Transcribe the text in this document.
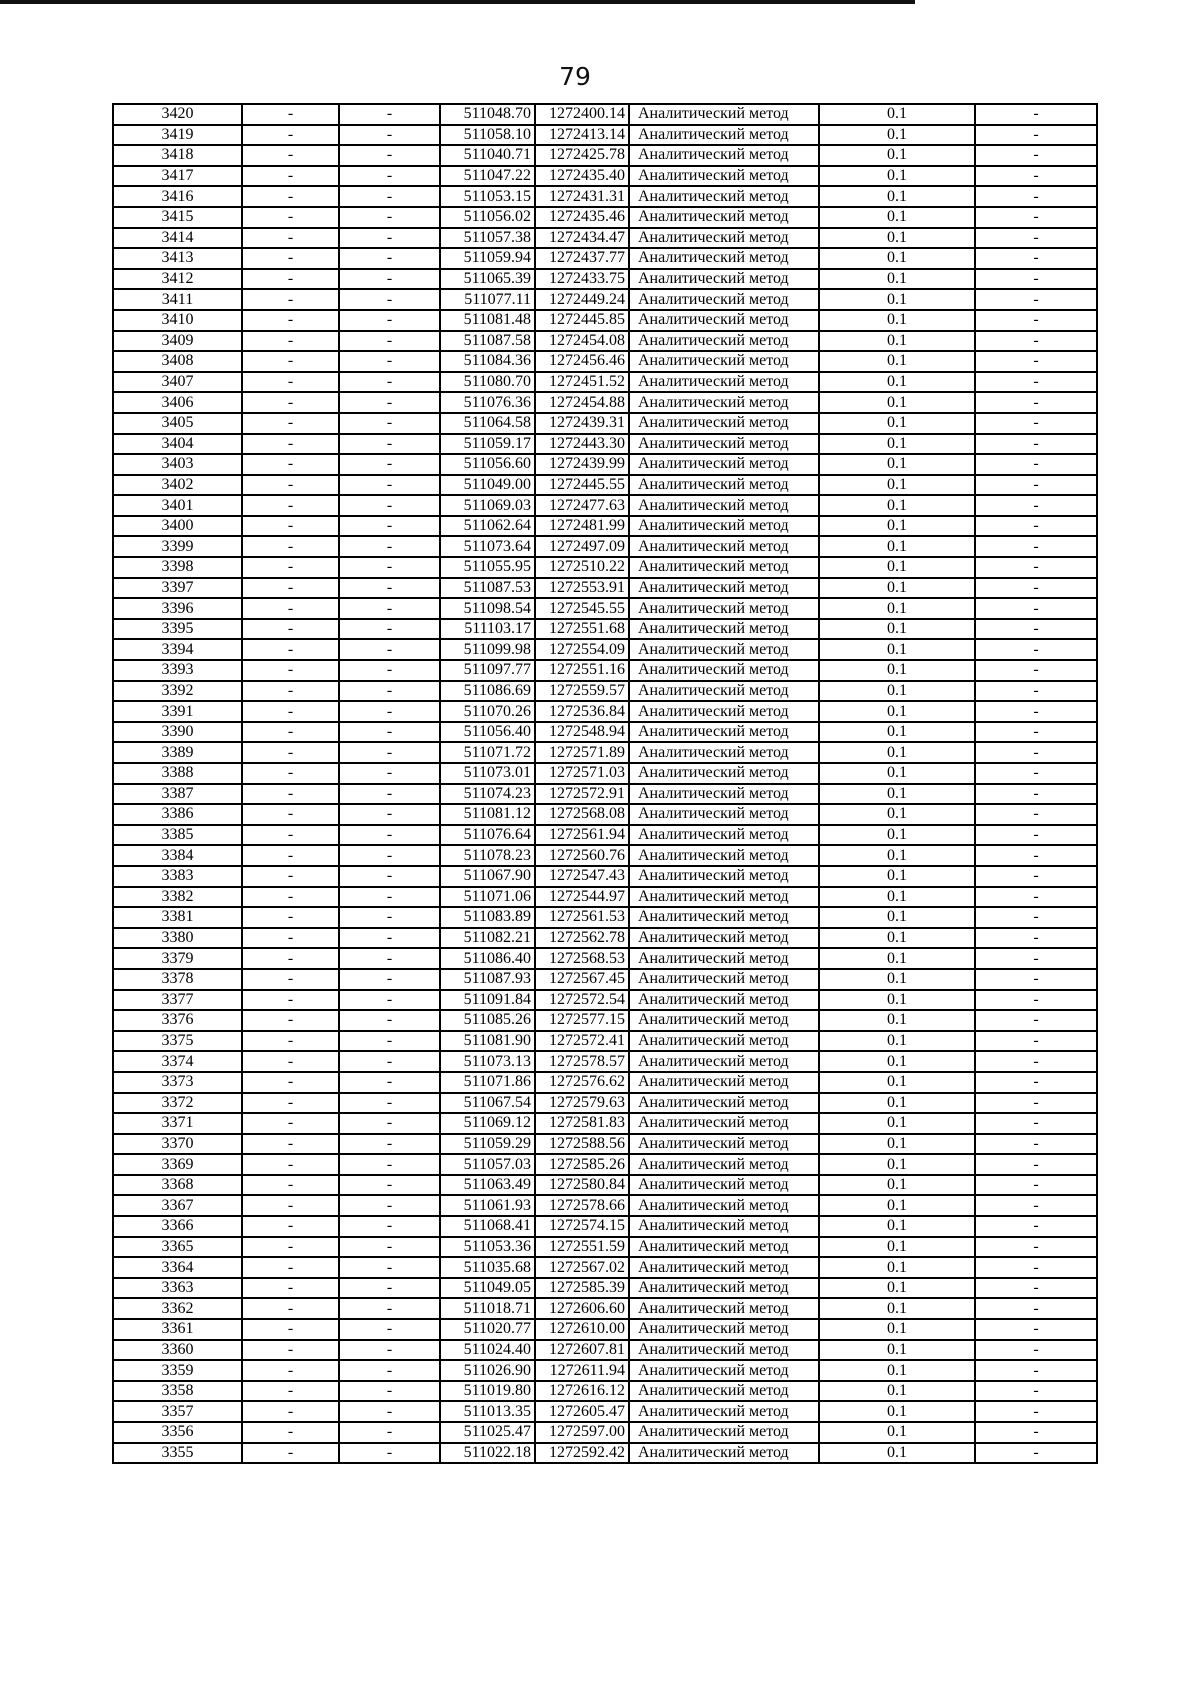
79
3420	-	-	511048.70	1272400.14	Аналитический метод	0.1	-
3419	-	-	511058.10	1272413.14	Аналитический метод	0.1	-
3418	-	-	511040.71	1272425.78	Аналитический метод	0.1	-
3417	-	-	511047.22	1272435.40	Аналитический метод	0.1	-
3416	-	-	511053.15	1272431.31	Аналитический метод	0.1	-
3415	-	-	511056.02	1272435.46	Аналитический метод	0.1	-
3414	-	-	511057.38	1272434.47	Аналитический метод	0.1	-
3413	-	-	511059.94	1272437.77	Аналитический метод	0.1	-
3412	-	-	511065.39	1272433.75	Аналитический метод	0.1	-
3411	-	-	511077.11	1272449.24	Аналитический метод	0.1	-
3410	-	-	511081.48	1272445.85	Аналитический метод	0.1	-
3409	-	-	511087.58	1272454.08	Аналитический метод	0.1	-
3408	-	-	511084.36	1272456.46	Аналитический метод	0.1	-
3407	-	-	511080.70	1272451.52	Аналитический метод	0.1	-
3406	-	-	511076.36	1272454.88	Аналитический метод	0.1	-
3405	-	-	511064.58	1272439.31	Аналитический метод	0.1	-
3404	-	-	511059.17	1272443.30	Аналитический метод	0.1	-
3403	-	-	511056.60	1272439.99	Аналитический метод	0.1	-
3402	-	-	511049.00	1272445.55	Аналитический метод	0.1	-
3401	-	-	511069.03	1272477.63	Аналитический метод	0.1	-
3400	-	-	511062.64	1272481.99	Аналитический метод	0.1	-
3399	-	-	511073.64	1272497.09	Аналитический метод	0.1	-
3398	-	-	511055.95	1272510.22	Аналитический метод	0.1	-
3397	-	-	511087.53	1272553.91	Аналитический метод	0.1	-
3396	-	-	511098.54	1272545.55	Аналитический метод	0.1	-
3395	-	-	511103.17	1272551.68	Аналитический метод	0.1	-
3394	-	-	511099.98	1272554.09	Аналитический метод	0.1	-
3393	-	-	511097.77	1272551.16	Аналитический метод	0.1	-
3392	-	-	511086.69	1272559.57	Аналитический метод	0.1	-
3391	-	-	511070.26	1272536.84	Аналитический метод	0.1	-
3390	-	-	511056.40	1272548.94	Аналитический метод	0.1	-
3389	-	-	511071.72	1272571.89	Аналитический метод	0.1	-
3388	-	-	511073.01	1272571.03	Аналитический метод	0.1	-
3387	-	-	511074.23	1272572.91	Аналитический метод	0.1	-
3386	-	-	511081.12	1272568.08	Аналитический метод	0.1	-
3385	-	-	511076.64	1272561.94	Аналитический метод	0.1	-
3384	-	-	511078.23	1272560.76	Аналитический метод	0.1	-
3383	-	-	511067.90	1272547.43	Аналитический метод	0.1	-
3382	-	-	511071.06	1272544.97	Аналитический метод	0.1	-
3381	-	-	511083.89	1272561.53	Аналитический метод	0.1	-
3380	-	-	511082.21	1272562.78	Аналитический метод	0.1	-
3379	-	-	511086.40	1272568.53	Аналитический метод	0.1	-
3378	-	-	511087.93	1272567.45	Аналитический метод	0.1	-
3377	-	-	511091.84	1272572.54	Аналитический метод	0.1	-
3376	-	-	511085.26	1272577.15	Аналитический метод	0.1	-
3375	-	-	511081.90	1272572.41	Аналитический метод	0.1	-
3374	-	-	511073.13	1272578.57	Аналитический метод	0.1	-
3373	-	-	511071.86	1272576.62	Аналитический метод	0.1	-
3372	-	-	511067.54	1272579.63	Аналитический метод	0.1	-
3371	-	-	511069.12	1272581.83	Аналитический метод	0.1	-
3370	-	-	511059.29	1272588.56	Аналитический метод	0.1	-
3369	-	-	511057.03	1272585.26	Аналитический метод	0.1	-
3368	-	-	511063.49	1272580.84	Аналитический метод	0.1	-
3367	-	-	511061.93	1272578.66	Аналитический метод	0.1	-
3366	-	-	511068.41	1272574.15	Аналитический метод	0.1	-
3365	-	-	511053.36	1272551.59	Аналитический метод	0.1	-
3364	-	-	511035.68	1272567.02	Аналитический метод	0.1	-
3363	-	-	511049.05	1272585.39	Аналитический метод	0.1	-
3362	-	-	511018.71	1272606.60	Аналитический метод	0.1	-
3361	-	-	511020.77	1272610.00	Аналитический метод	0.1	-
3360	-	-	511024.40	1272607.81	Аналитический метод	0.1	-
3359	-	-	511026.90	1272611.94	Аналитический метод	0.1	-
3358	-	-	511019.80	1272616.12	Аналитический метод	0.1	-
3357	-	-	511013.35	1272605.47	Аналитический метод	0.1	-
3356	-	-	511025.47	1272597.00	Аналитический метод	0.1	-
3355	-	-	511022.18	1272592.42	Аналитический метод	0.1	-
